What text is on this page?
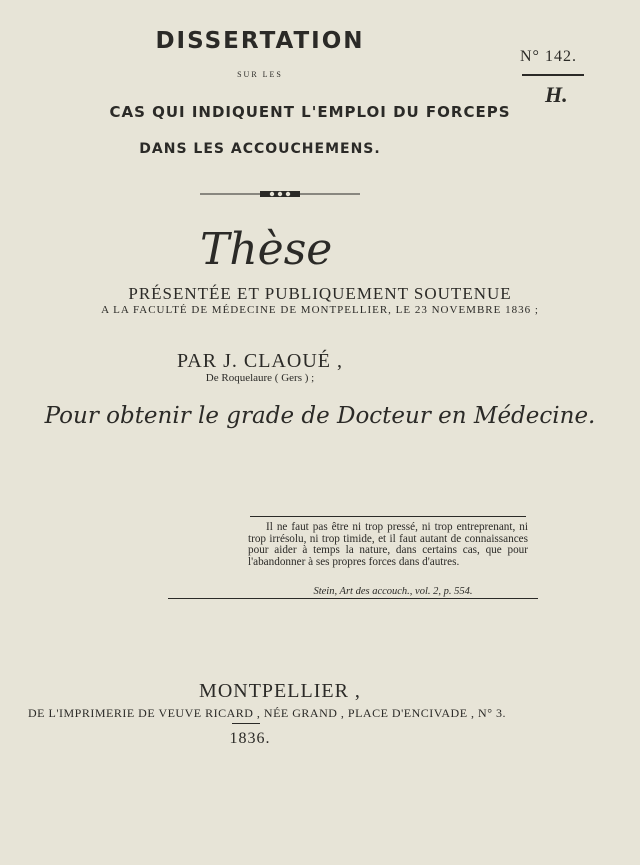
N° 142.
H.
DISSERTATION
SUR LES
CAS QUI INDIQUENT L'EMPLOI DU FORCEPS
DANS LES ACCOUCHEMENS.
Thèse
PRÉSENTÉE ET PUBLIQUEMENT SOUTENUE
A LA FACULTÉ DE MÉDECINE DE MONTPELLIER, LE 23 NOVEMBRE 1836 ;
PAR J. CLAOUÉ ,
De Roquelaure ( Gers ) ;
Pour obtenir le grade de Docteur en Médecine.

Il ne faut pas être ni trop pressé, ni trop entreprenant, ni trop irrésolu, ni trop timide, et il faut autant de connaissances pour aider à temps la nature, dans certains cas, que pour l'abandonner à ses propres forces dans d'autres.

Stein, Art des accouch., vol. 2, p. 554.
MONTPELLIER ,
DE L'IMPRIMERIE DE VEUVE RICARD , NÉE GRAND , PLACE D'ENCIVADE , N° 3.
1836.
